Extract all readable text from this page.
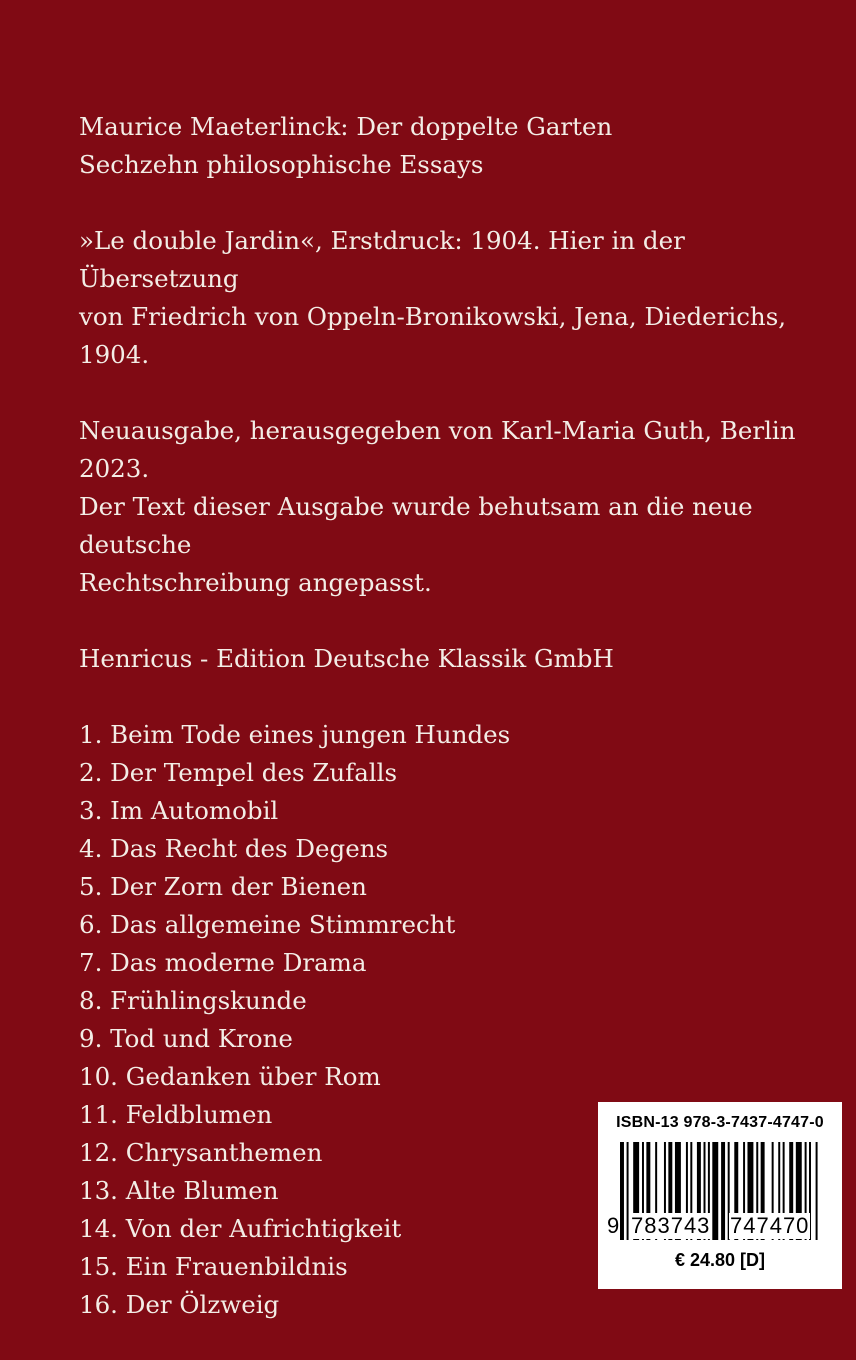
Maurice Maeterlinck: Der doppelte Garten

Sechzehn philosophische Essays

»Le double Jardin«, Erstdruck: 1904. Hier in der Übersetzung

von Friedrich von Oppeln-Bronikowski, Jena, Diederichs, 1904.

Neuausgabe, herausgegeben von Karl-Maria Guth, Berlin 2023.

Der Text dieser Ausgabe wurde behutsam an die neue deutsche

Rechtschreibung angepasst.

Henricus - Edition Deutsche Klassik GmbH

1. Beim Tode eines jungen Hundes
2. Der Tempel des Zufalls
3. Im Automobil
4. Das Recht des Degens
5. Der Zorn der Bienen
6. Das allgemeine Stimmrecht
7. Das moderne Drama
8. Frühlingskunde
9. Tod und Krone
10. Gedanken über Rom
11. Feldblumen
12. Chrysanthemen
13. Alte Blumen
14. Von der Aufrichtigkeit
15. Ein Frauenbildnis
16. Der Ölzweig
ISBN-13 978-3-7437-4747-0
9 783743 747470
€ 24.80 [D]
